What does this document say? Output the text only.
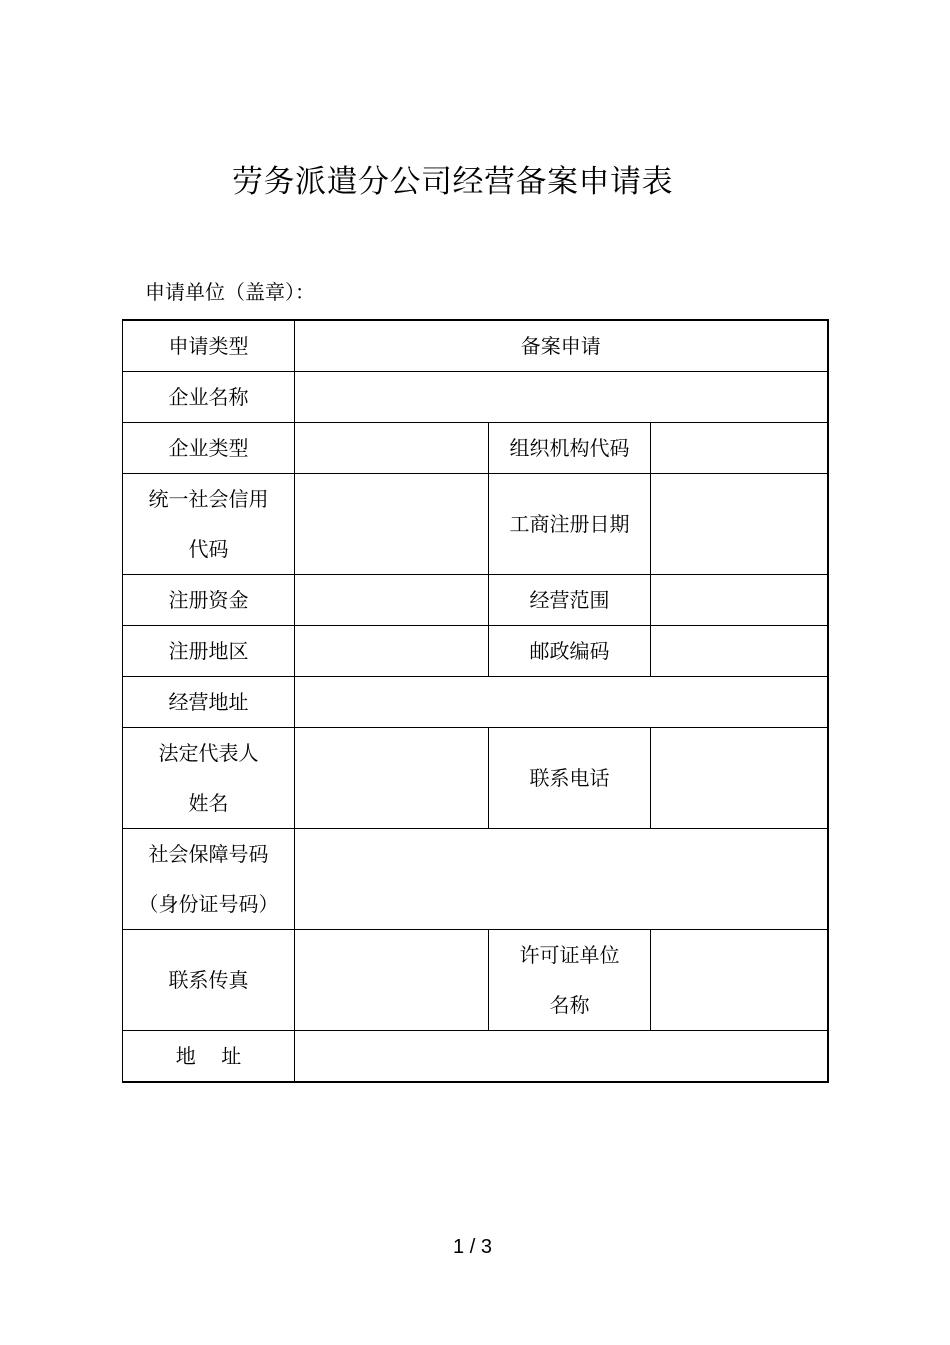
劳务派遣分公司经营备案申请表
申请单位（盖章）：
申请类型	备案申请		
企业名称			
企业类型		组织机构代码	

统一社会信用
代码		工商注册日期	
注册资金		经营范围	
注册地区		邮政编码	
经营地址			

法定代表人
姓名		联系电话	

社会保障号码
（身份证号码）			

联系传真		许可证单位
名称	

地    址			
1 / 3
